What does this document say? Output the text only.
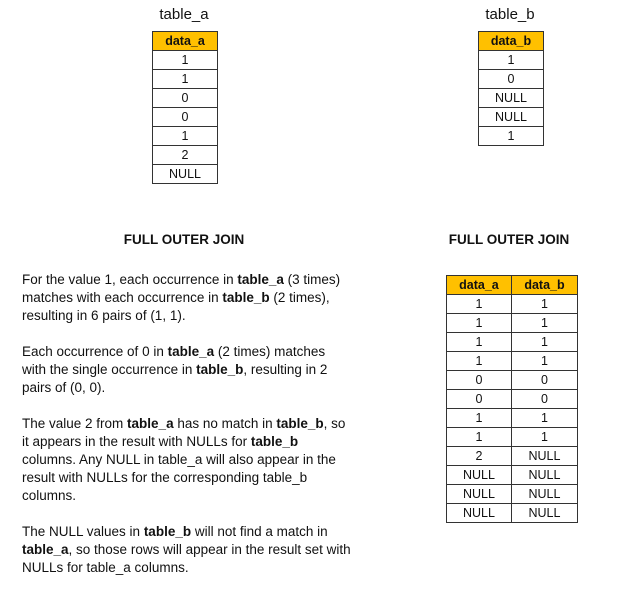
table_a
data_a
1
1
0
0
1
2
NULL
table_b
data_b
1
0
NULL
NULL
1
FULL OUTER JOIN	FULL OUTER JOIN
data_a	data_b
1	1
1	1
1	1
1	1
0	0
0	0
1	1
1	1
2	NULL
NULL	NULL
NULL	NULL
NULL	NULL

For the value 1, each occurrence in table_a (3 times) matches with each occurrence in table_b (2 times), resulting in 6 pairs of (1, 1).

Each occurrence of 0 in table_a (2 times) matches with the single occurrence in table_b, resulting in 2 pairs of (0, 0).

The value 2 from table_a has no match in table_b, so it appears in the result with NULLs for table_b columns. Any NULL in table_a will also appear in the result with NULLs for the corresponding table_b columns.

The NULL values in table_b will not find a match in table_a, so those rows will appear in the result set with NULLs for table_a columns.
